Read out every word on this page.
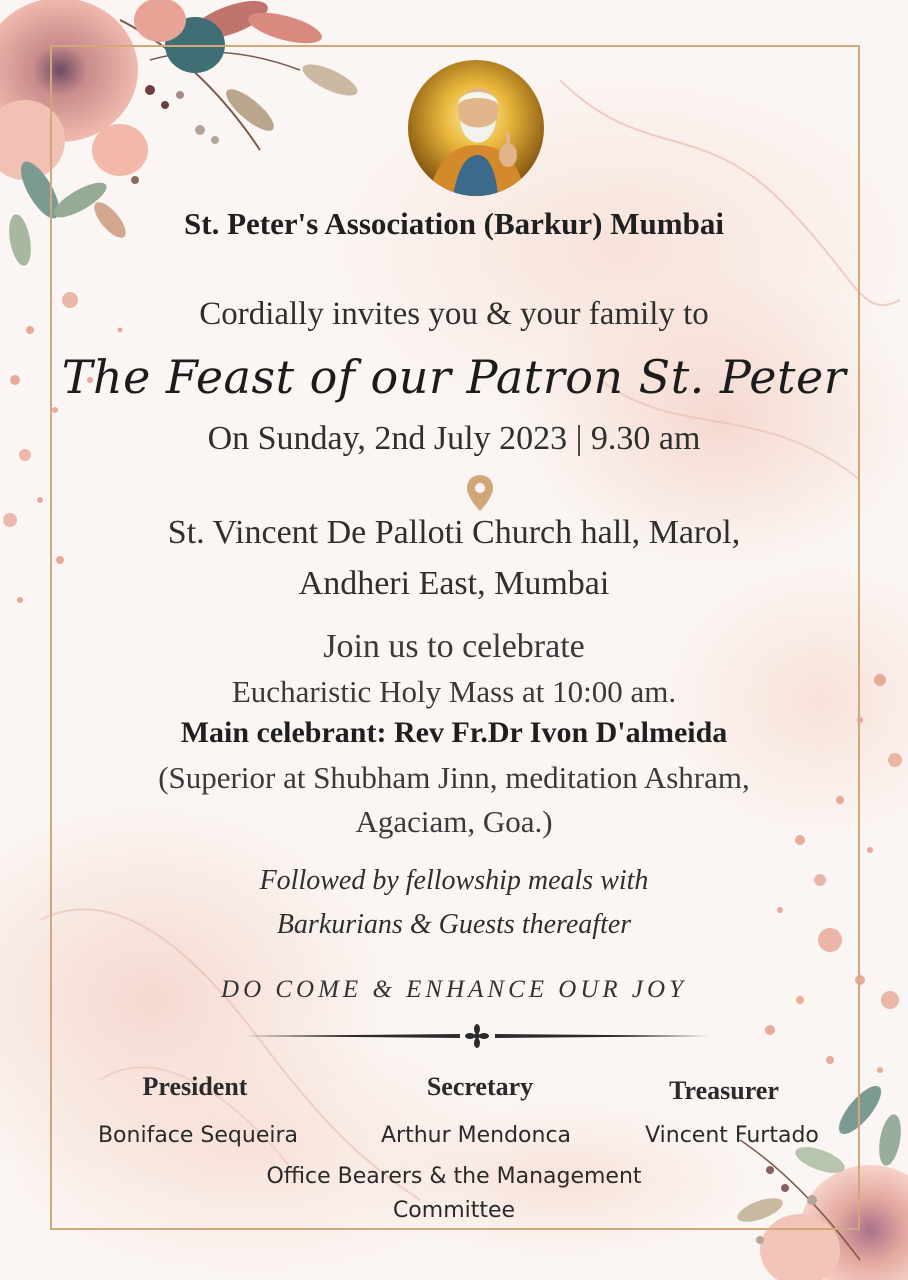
St. Peter's Association (Barkur) Mumbai
Cordially invites you & your family to
The Feast of our Patron St. Peter
On Sunday, 2nd July 2023 | 9.30 am
St. Vincent De Palloti Church hall, Marol,
Andheri East, Mumbai
Join us to celebrate
Eucharistic Holy Mass at 10:00 am.
Main celebrant: Rev Fr.Dr Ivon D'almeida
(Superior at Shubham Jinn, meditation Ashram,
Agaciam, Goa.)
Followed by fellowship meals with
Barkurians & Guests thereafter
DO COME & ENHANCE OUR JOY
President	Secretary	Treasurer
Boniface Sequeira	Arthur Mendonca	Vincent Furtado
Office Bearers & the Management
Committee
